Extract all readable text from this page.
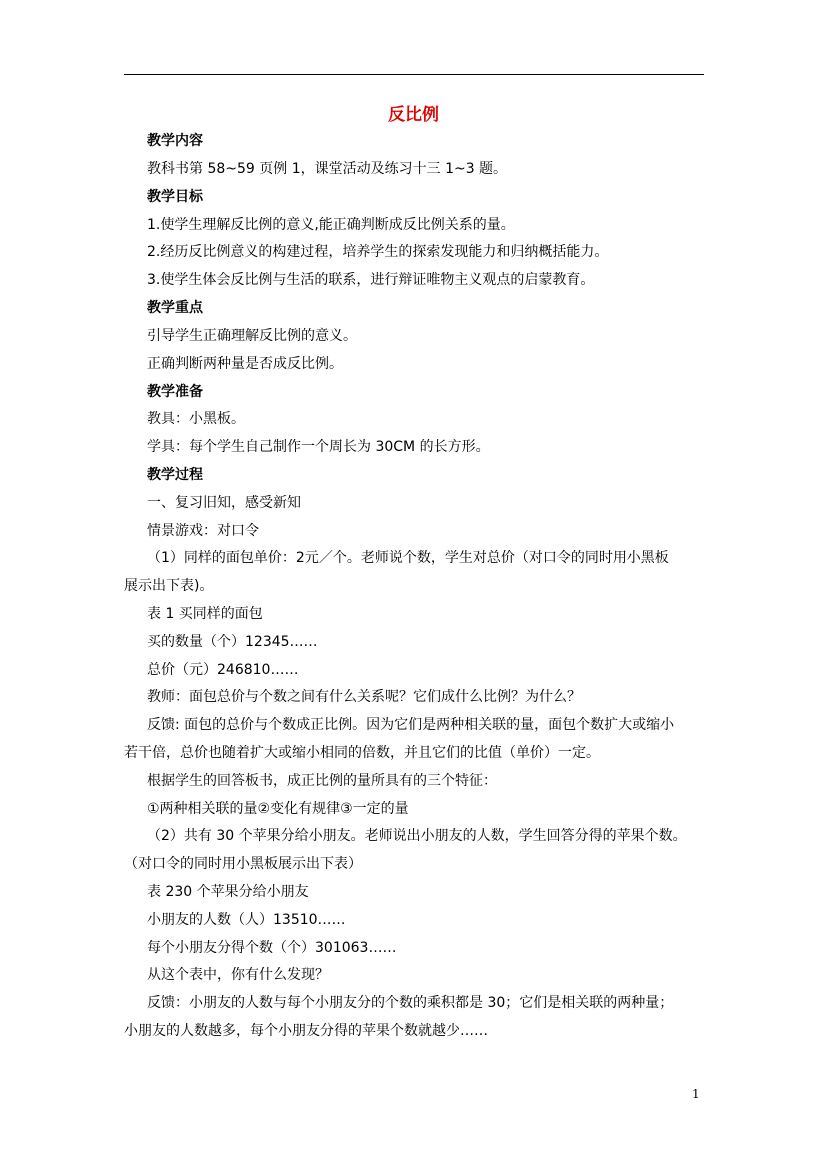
反比例
教学内容
教科书第 58~59 页例 1，课堂活动及练习十三 1~3 题。
教学目标
1.使学生理解反比例的意义,能正确判断成反比例关系的量。
2.经历反比例意义的构建过程，培养学生的探索发现能力和归纳概括能力。
3.使学生体会反比例与生活的联系，进行辩证唯物主义观点的启蒙教育。
教学重点
引导学生正确理解反比例的意义。
正确判断两种量是否成反比例。
教学准备
教具：小黑板。
学具：每个学生自己制作一个周长为 30CM 的长方形。
教学过程
一、复习旧知，感受新知
情景游戏：对口令
（1）同样的面包单价：2元／个。老师说个数，学生对总价（对口令的同时用小黑板
展示出下表)。
表 1 买同样的面包
买的数量（个）12345……
总价（元）246810……
教师：面包总价与个数之间有什么关系呢？它们成什么比例？为什么？
反馈: 面包的总价与个数成正比例。因为它们是两种相关联的量，面包个数扩大或缩小
若干倍，总价也随着扩大或缩小相同的倍数，并且它们的比值（单价）一定。
根据学生的回答板书，成正比例的量所具有的三个特征：
①两种相关联的量②变化有规律③一定的量
（2）共有 30 个苹果分给小朋友。老师说出小朋友的人数，学生回答分得的苹果个数。
（对口令的同时用小黑板展示出下表）
表 230 个苹果分给小朋友
小朋友的人数（人）13510……
每个小朋友分得个数（个）301063……
从这个表中，你有什么发现？
反馈：小朋友的人数与每个小朋友分的个数的乘积都是 30；它们是相关联的两种量；
小朋友的人数越多，每个小朋友分得的苹果个数就越少……
1
